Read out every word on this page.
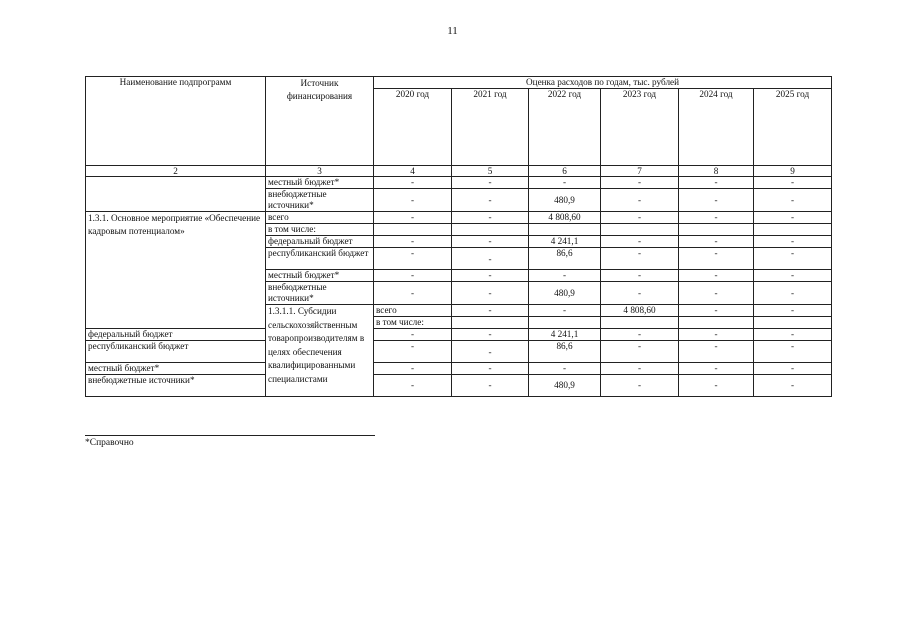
11
Наименование подпрограмм	Источник финансирования	Оценка расходов по годам, тыс. рублей						
		2020 год	2021 год	2022 год	2023 год	2024 год	2025 год	
2	3	4	5	6	7	8	9	
	местный бюджет*	-	-	-	-	-	-	
	внебюджетные источники*	-	-	480,9	-	-	-	
1.3.1. Основное мероприятие «Обеспечение кадровым потенциалом»	всего	-	-	4 808,60	-	-	-	
	в том числе:							
	федеральный бюджет	-	-	4 241,1	-	-	-	
	республиканский бюджет	-	-	86,6	-	-	-	
	местный бюджет*	-	-	-	-	-	-	
	внебюджетные источники*	-	-	480,9	-	-	-	
	1.3.1.1. Субсидии сельскохозяйственным товаропроизводителям в целях обеспечения квалифицированными специалистами	всего	-	-	4 808,60	-	-	
		в том числе:						
федеральный бюджет		-	-	4 241,1	-	-	-	
республиканский бюджет		-	-	86,6	-	-	-	
местный бюджет*		-	-	-	-	-	-	
внебюджетные источники*		-	-	480,9	-	-	-	
*Справочно
